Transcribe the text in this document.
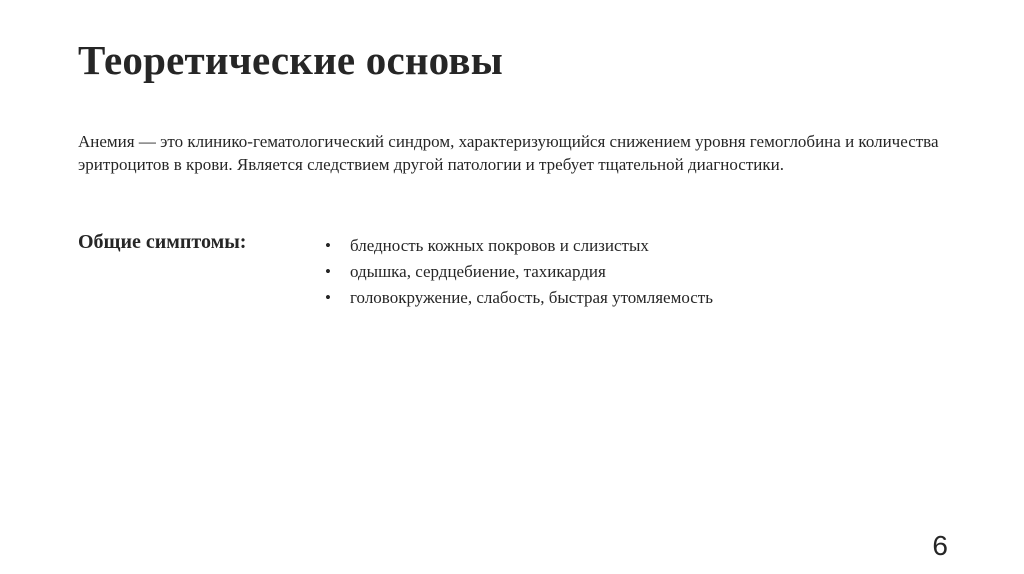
Теоретические основы
Анемия — это клинико-гематологический синдром, характеризующийся снижением уровня гемоглобина и количества эритроцитов в крови. Является следствием другой патологии и требует тщательной диагностики.
Общие симптомы:	• бледность кожных покровов и слизистых
• одышка, сердцебиение, тахикардия
• головокружение, слабость, быстрая утомляемость
6
